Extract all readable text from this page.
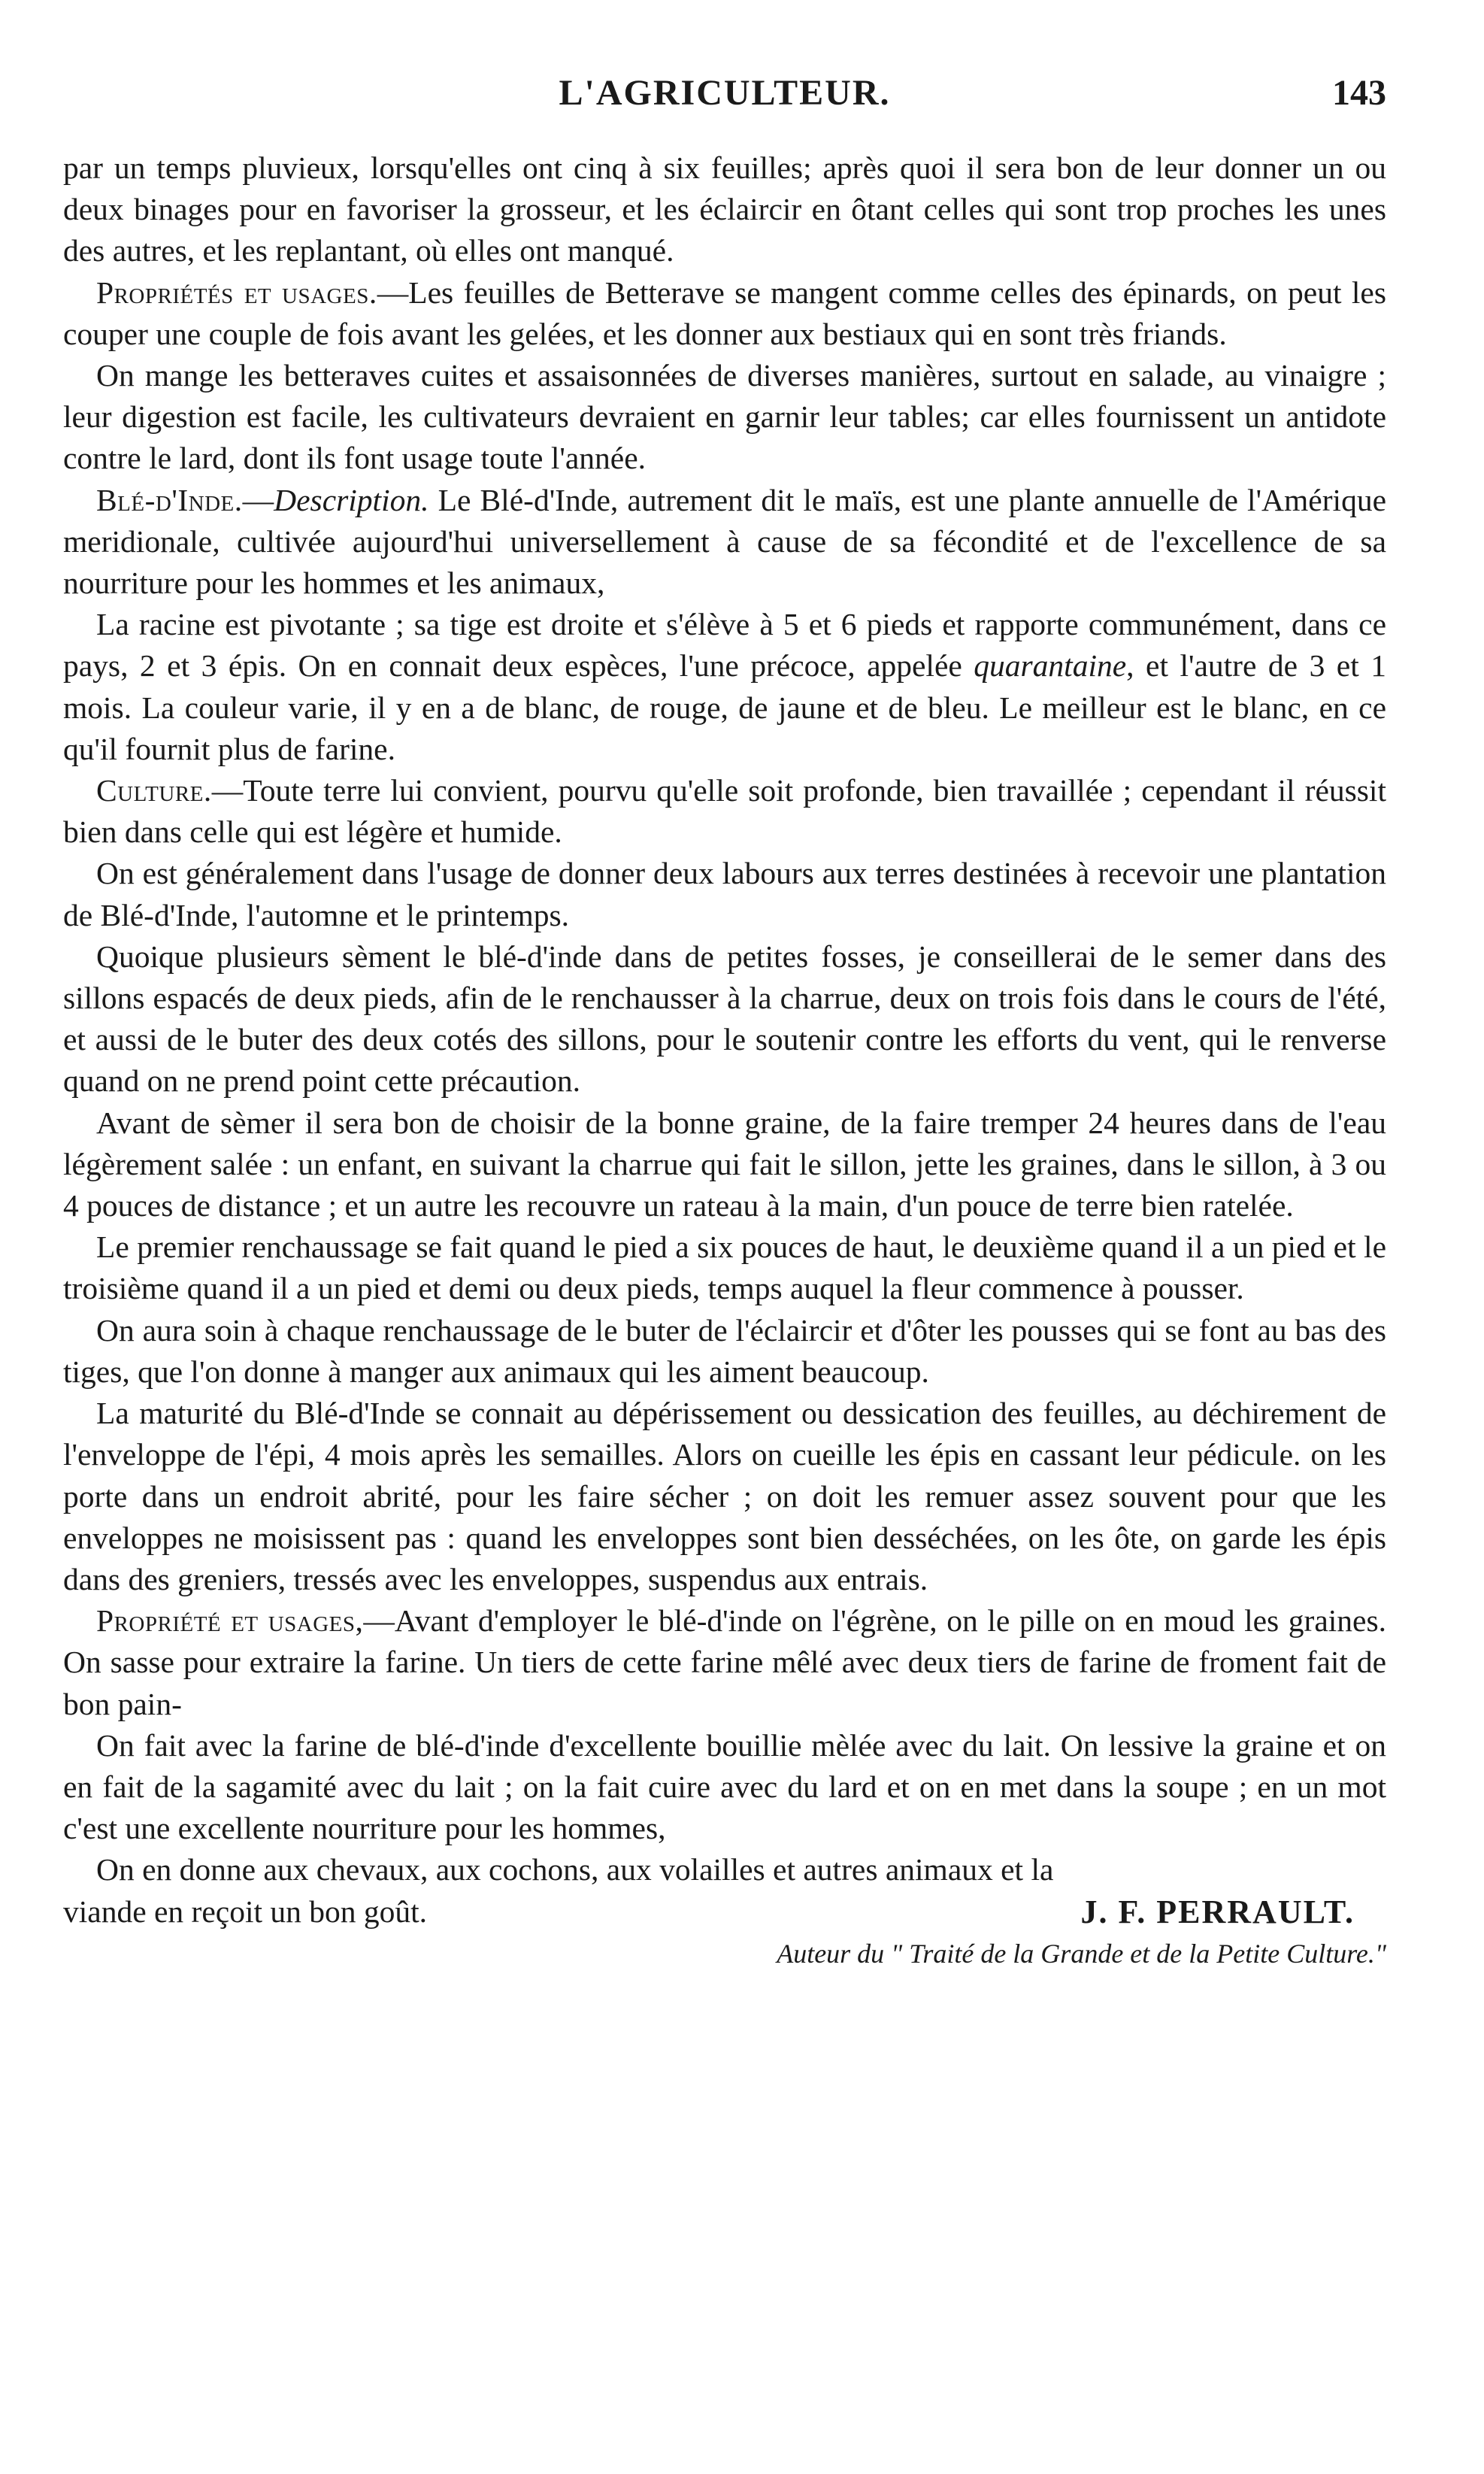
L'AGRICULTEUR.	143

par un temps pluvieux, lorsqu'elles ont cinq à six feuilles; après quoi il sera bon de leur donner un ou deux binages pour en favoriser la grosseur, et les éclaircir en ôtant celles qui sont trop proches les unes des autres, et les replantant, où elles ont manqué.

Propriétés et usages.—Les feuilles de Betterave se mangent comme celles des épinards, on peut les couper une couple de fois avant les gelées, et les donner aux bestiaux qui en sont très friands.

On mange les betteraves cuites et assaisonnées de diverses manières, surtout en salade, au vinaigre ; leur digestion est facile, les cultivateurs devraient en garnir leur tables; car elles fournissent un antidote contre le lard, dont ils font usage toute l'année.

Blé-d'Inde.—Description. Le Blé-d'Inde, autrement dit le maïs, est une plante annuelle de l'Amérique meridionale, cultivée aujourd'hui universellement à cause de sa fécondité et de l'excellence de sa nourriture pour les hommes et les animaux,

La racine est pivotante ; sa tige est droite et s'élève à 5 et 6 pieds et rapporte communément, dans ce pays, 2 et 3 épis. On en connait deux espèces, l'une précoce, appelée quarantaine, et l'autre de 3 et 1 mois. La couleur varie, il y en a de blanc, de rouge, de jaune et de bleu. Le meilleur est le blanc, en ce qu'il fournit plus de farine.

Culture.—Toute terre lui convient, pourvu qu'elle soit profonde, bien travaillée ; cependant il réussit bien dans celle qui est légère et humide.

On est généralement dans l'usage de donner deux labours aux terres destinées à recevoir une plantation de Blé-d'Inde, l'automne et le printemps.

Quoique plusieurs sèment le blé-d'inde dans de petites fosses, je conseillerai de le semer dans des sillons espacés de deux pieds, afin de le renchausser à la charrue, deux on trois fois dans le cours de l'été, et aussi de le buter des deux cotés des sillons, pour le soutenir contre les efforts du vent, qui le renverse quand on ne prend point cette précaution.

Avant de sèmer il sera bon de choisir de la bonne graine, de la faire tremper 24 heures dans de l'eau légèrement salée : un enfant, en suivant la charrue qui fait le sillon, jette les graines, dans le sillon, à 3 ou 4 pouces de distance ; et un autre les recouvre un rateau à la main, d'un pouce de terre bien ratelée.

Le premier renchaussage se fait quand le pied a six pouces de haut, le deuxième quand il a un pied et le troisième quand il a un pied et demi ou deux pieds, temps auquel la fleur commence à pousser.

On aura soin à chaque renchaussage de le buter de l'éclaircir et d'ôter les pousses qui se font au bas des tiges, que l'on donne à manger aux animaux qui les aiment beaucoup.

La maturité du Blé-d'Inde se connait au dépérissement ou dessication des feuilles, au déchirement de l'enveloppe de l'épi, 4 mois après les semailles. Alors on cueille les épis en cassant leur pédicule. on les porte dans un endroit abrité, pour les faire sécher ; on doit les remuer assez souvent pour que les enveloppes ne moisissent pas : quand les enveloppes sont bien desséchées, on les ôte, on garde les épis dans des greniers, tressés avec les enveloppes, suspendus aux entrais.

Propriété et usages,—Avant d'employer le blé-d'inde on l'égrène, on le pille on en moud les graines. On sasse pour extraire la farine. Un tiers de cette farine mêlé avec deux tiers de farine de froment fait de bon pain-

On fait avec la farine de blé-d'inde d'excellente bouillie mèlée avec du lait. On lessive la graine et on en fait de la sagamité avec du lait ; on la fait cuire avec du lard et on en met dans la soupe ; en un mot c'est une excellente nourriture pour les hommes,

On en donne aux chevaux, aux cochons, aux volailles et autres animaux et la

viande en reçoit un bon goût.	J. F. PERRAULT.
Auteur du " Traité de la Grande et de la Petite Culture."
